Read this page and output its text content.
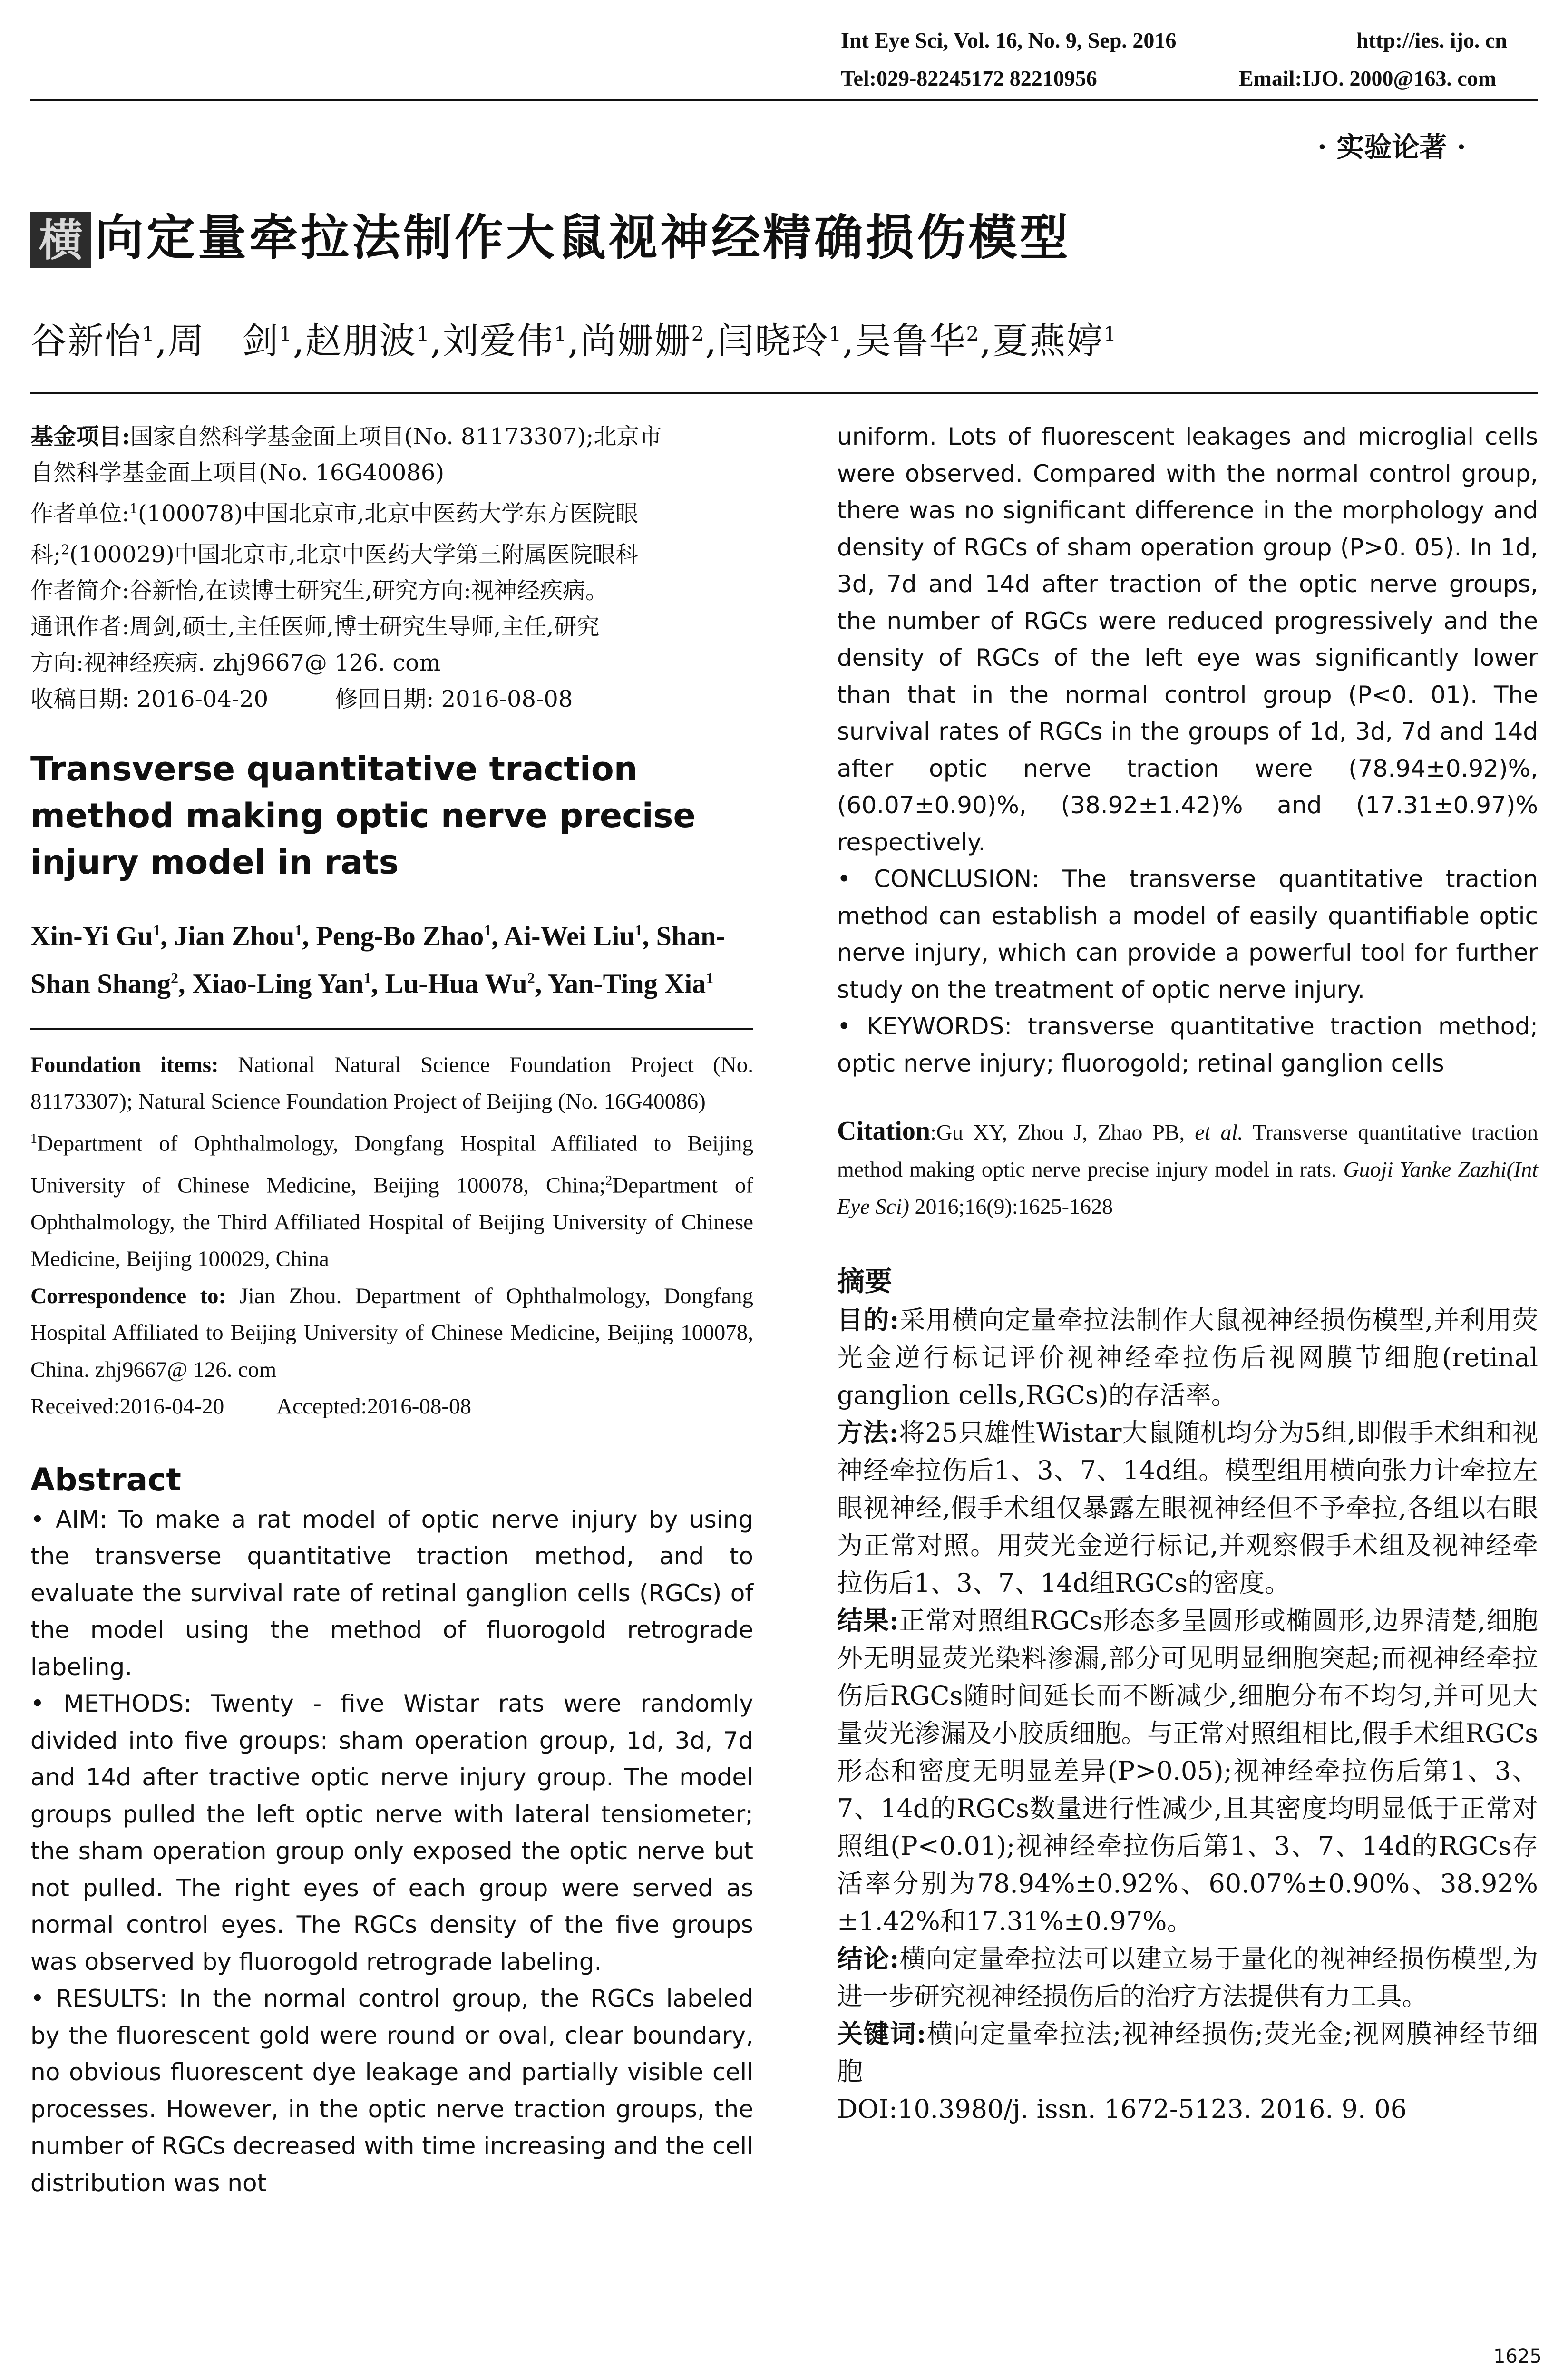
Int Eye Sci, Vol. 16, No. 9, Sep. 2016	http://ies. ijo. cn
Tel:029-82245172 82210956	Email:IJO. 2000@163. com
· 实验论著 ·
横 向定量牵拉法制作大鼠视神经精确损伤模型
谷新怡$^1$,周　剑$^1$,赵朋波$^1$,刘爱伟$^1$,尚姗姗$^2$,闫晓玲$^1$,吴鲁华$^2$,夏燕婷$^1$
基金项目:国家自然科学基金面上项目(No. 81173307);北京市
自然科学基金面上项目(No. 16G40086)
作者单位:$^1$(100078)中国北京市,北京中医药大学东方医院眼
科;$^2$(100029)中国北京市,北京中医药大学第三附属医院眼科
作者简介:谷新怡,在读博士研究生,研究方向:视神经疾病。
通讯作者:周剑,硕士,主任医师,博士研究生导师,主任,研究
方向:视神经疾病. zhj9667@ 126. com
收稿日期: 2016-04-20	修回日期: 2016-08-08
Transverse quantitative traction method making optic nerve precise injury model in rats
Xin-Yi Gu$^1$, Jian Zhou$^1$, Peng-Bo Zhao$^1$, Ai-Wei Liu$^1$, Shan-Shan Shang$^2$, Xiao-Ling Yan$^1$, Lu-Hua Wu$^2$, Yan-Ting Xia$^1$
Foundation items: National Natural Science Foundation Project (No. 81173307); Natural Science Foundation Project of Beijing (No. 16G40086)
$^1$Department of Ophthalmology, Dongfang Hospital Affiliated to Beijing University of Chinese Medicine, Beijing 100078, China;$^2$Department of Ophthalmology, the Third Affiliated Hospital of Beijing University of Chinese Medicine, Beijing 100029, China
Correspondence to: Jian Zhou. Department of Ophthalmology, Dongfang Hospital Affiliated to Beijing University of Chinese Medicine, Beijing 100078, China. zhj9667@ 126. com
Received:2016-04-20 Accepted:2016-08-08
Abstract
• AIM: To make a rat model of optic nerve injury by using the transverse quantitative traction method, and to evaluate the survival rate of retinal ganglion cells (RGCs) of the model using the method of fluorogold retrograde labeling.
• METHODS: Twenty - five Wistar rats were randomly divided into five groups: sham operation group, 1d, 3d, 7d and 14d after tractive optic nerve injury group. The model groups pulled the left optic nerve with lateral tensiometer; the sham operation group only exposed the optic nerve but not pulled. The right eyes of each group were served as normal control eyes. The RGCs density of the five groups was observed by fluorogold retrograde labeling.
• RESULTS: In the normal control group, the RGCs labeled by the fluorescent gold were round or oval, clear boundary, no obvious fluorescent dye leakage and partially visible cell processes. However, in the optic nerve traction groups, the number of RGCs decreased with time increasing and the cell distribution was not
uniform. Lots of fluorescent leakages and microglial cells were observed. Compared with the normal control group, there was no significant difference in the morphology and density of RGCs of sham operation group (P>0. 05). In 1d, 3d, 7d and 14d after traction of the optic nerve groups, the number of RGCs were reduced progressively and the density of RGCs of the left eye was significantly lower than that in the normal control group (P<0. 01). The survival rates of RGCs in the groups of 1d, 3d, 7d and 14d after optic nerve traction were (78.94±0.92)%, (60.07±0.90)%, (38.92±1.42)% and (17.31±0.97)% respectively.
• CONCLUSION: The transverse quantitative traction method can establish a model of easily quantifiable optic nerve injury, which can provide a powerful tool for further study on the treatment of optic nerve injury.
• KEYWORDS: transverse quantitative traction method; optic nerve injury; fluorogold; retinal ganglion cells
Citation:Gu XY, Zhou J, Zhao PB, et al. Transverse quantitative traction method making optic nerve precise injury model in rats. Guoji Yanke Zazhi(Int Eye Sci) 2016;16(9):1625-1628
摘要
目的:采用横向定量牵拉法制作大鼠视神经损伤模型,并利用荧光金逆行标记评价视神经牵拉伤后视网膜节细胞(retinal ganglion cells,RGCs)的存活率。
方法:将25只雄性Wistar大鼠随机均分为5组,即假手术组和视神经牵拉伤后1、3、7、14d组。模型组用横向张力计牵拉左眼视神经,假手术组仅暴露左眼视神经但不予牵拉,各组以右眼为正常对照。用荧光金逆行标记,并观察假手术组及视神经牵拉伤后1、3、7、14d组RGCs的密度。
结果:正常对照组RGCs形态多呈圆形或椭圆形,边界清楚,细胞外无明显荧光染料渗漏,部分可见明显细胞突起;而视神经牵拉伤后RGCs随时间延长而不断减少,细胞分布不均匀,并可见大量荧光渗漏及小胶质细胞。与正常对照组相比,假手术组RGCs形态和密度无明显差异(P>0.05);视神经牵拉伤后第1、3、7、14d的RGCs数量进行性减少,且其密度均明显低于正常对照组(P<0.01);视神经牵拉伤后第1、3、7、14d的RGCs存活率分别为78.94%±0.92%、60.07%±0.90%、38.92%±1.42%和17.31%±0.97%。
结论:横向定量牵拉法可以建立易于量化的视神经损伤模型,为进一步研究视神经损伤后的治疗方法提供有力工具。
关键词:横向定量牵拉法;视神经损伤;荧光金;视网膜神经节细胞
DOI:10.3980/j. issn. 1672-5123. 2016. 9. 06
1625
